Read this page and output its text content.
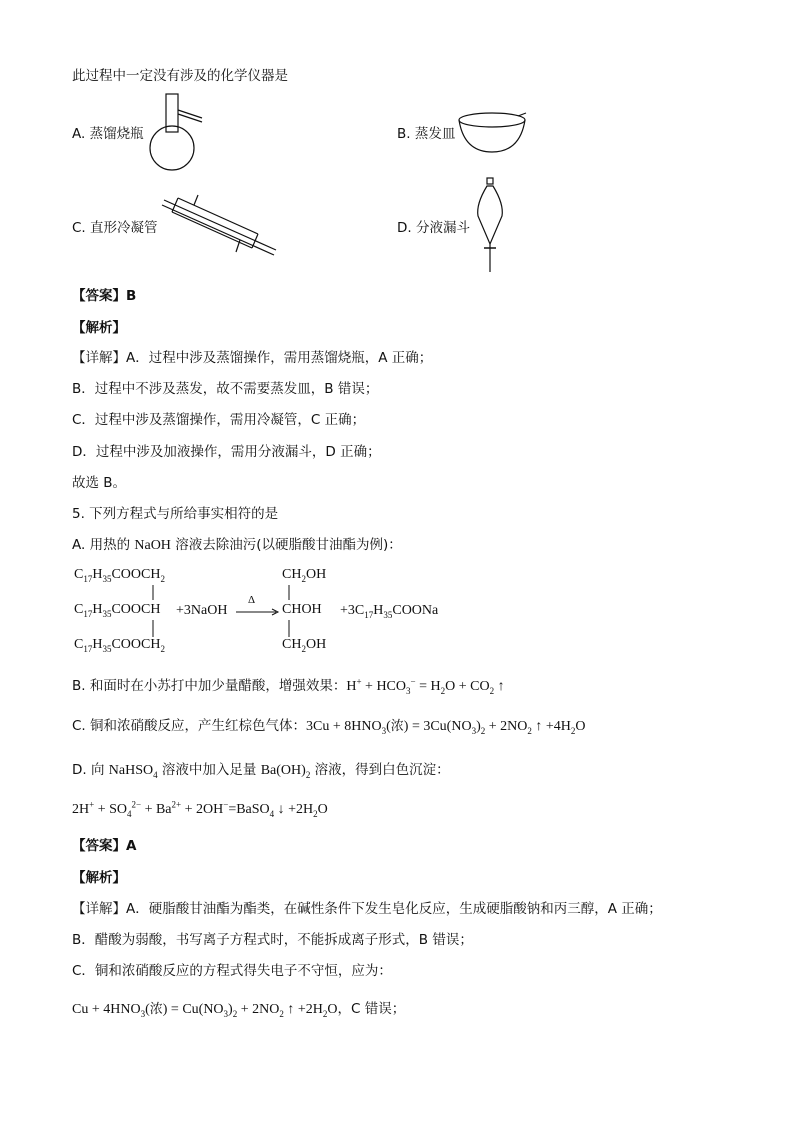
此过程中一定没有涉及的化学仪器是
A. 蒸馏烧瓶	B. 蒸发皿
C. 直形冷凝管	D. 分液漏斗
【答案】B
【解析】
【详解】A．过程中涉及蒸馏操作，需用蒸馏烧瓶，A 正确；
B．过程中不涉及蒸发，故不需要蒸发皿，B 错误；
C．过程中涉及蒸馏操作，需用冷凝管，C 正确；
D．过程中涉及加液操作，需用分液漏斗，D 正确；
故选 B。
5. 下列方程式与所给事实相符的是
A. 用热的 NaOH 溶液去除油污(以硬脂酸甘油酯为例)：
$C_{17}H_{35}COOCH_2$
$C_{17}H_{35}COOCH$
$C_{17}H_{35}COOCH_2$
+3NaOH
Δ
$CH_2OH$
CHOH
$CH_2OH$
$+3C_{17}H_{35}COONa$
B. 和面时在小苏打中加少量醋酸，增强效果：$H^+ + HCO_3^- = H_2O + CO_2$ ↑
C. 铜和浓硝酸反应，产生红棕色气体：$3Cu + 8HNO_3$(浓) = $3Cu(NO_3)_2 + 2NO_2$ ↑ $+4H_2O$
D. 向 NaHSO$_4$ 溶液中加入足量 $Ba(OH)_2$ 溶液，得到白色沉淀：
$2H^+ + SO_4^{2-} + Ba^{2+}$ + 2OH−=BaSO$_4$ ↓ $+2H_2O$
【答案】A
【解析】
【详解】A．硬脂酸甘油酯为酯类，在碱性条件下发生皂化反应，生成硬脂酸钠和丙三醇，A 正确；
B．醋酸为弱酸，书写离子方程式时，不能拆成离子形式，B 错误；
C．铜和浓硝酸反应的方程式得失电子不守恒，应为：
$Cu + 4HNO_3$(浓) = $Cu(NO_3)_2 + 2NO_2$ ↑ $+2H_2O$，C 错误；
